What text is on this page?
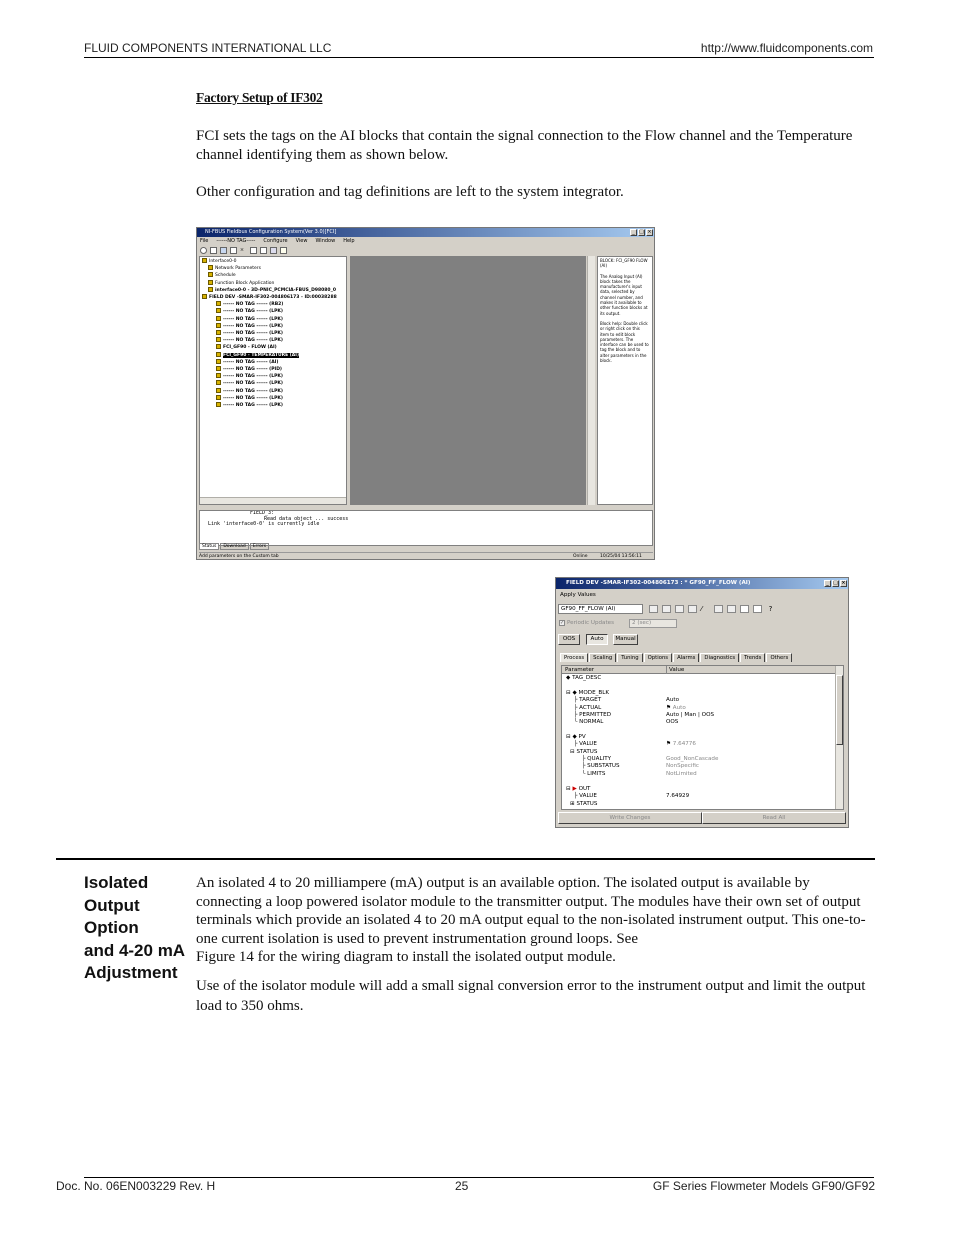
FLUID COMPONENTS INTERNATIONAL LLC	http://www.fluidcomponents.com
Factory Setup of IF302
FCI sets the tags on the AI blocks that contain the signal connection to the Flow channel and the Temperature channel identifying them as shown below.
Other configuration and tag definitions are left to the system integrator.
NI-FBUS Fieldbus Configuration System(Ver 3.0)[FCI]	_ □ ×
File ------NO TAG----- Configure View Window Help
×
Interface0-0
Network Parameters
Schedule
Function Block Application
interface0-0 - 3D-PNIC_PCMCIA-FBUS_D98080_0
FIELD DEV -SMAR-IF302-004806173 - ID:00038288
------ NO TAG ------ (RB2)
------ NO TAG ------ (LPK)
------ NO TAG ------ (LPK)
------ NO TAG ------ (LPK)
------ NO TAG ------ (LPK)
------ NO TAG ------ (LPK)
FCI_GF90 - FLOW (AI)
FCI_GF90 - TEMPERATURE (AI)
------ NO TAG ------ (AI)
------ NO TAG ------ (PID)
------ NO TAG ------ (LPK)
------ NO TAG ------ (LPK)
------ NO TAG ------ (LPK)
------ NO TAG ------ (LPK)
------ NO TAG ------ (LPK)
BLOCK: FCI_GF90 FLOW (AI)
The Analog Input (AI) block takes the manufacturer's input data, selected by channel number, and makes it available to other function blocks at its output.
Block help: Double click or right click on this item to edit block parameters. The interface can be used to tag the block and to alter parameters in the block.
FIELD_3:
Read data object ... success
Link 'interface0-0' is currently idle
Status	Download	Errors
Add parameters on the Custom tab	Online	10/25/04 13:56:11
FIELD DEV -SMAR-IF302-004806173 : * GF90_FF_FLOW (AI)	_ □ ×
Apply Values
GF90_FF_FLOW (AI)	⁄	?
✓ Periodic Updates	2 (sec)
OOS	Auto	Manual
Process Scaling Tuning Options Alarms Diagnostics Trends Others
Parameter	Value
◆ TAG_DESC
⊟ ◆ MODE_BLK
├ TARGET	Auto
├ ACTUAL	⚑ Auto
├ PERMITTED	Auto | Man | OOS
└ NORMAL	OOS
⊟ ◆ PV
├ VALUE	⚑ 7.64776
⊟ STATUS
├ QUALITY	Good_NonCascade
├ SUBSTATUS	NonSpecific
└ LIMITS	NotLimited
⊟ ▶ OUT
├ VALUE	7.64929
⊞ STATUS
Write Changes	Read All
Isolated
Output
Option
and 4-20 mA
Adjustment
An isolated 4 to 20 milliampere (mA) output is an available option. The isolated output is available by connecting a loop powered isolator module to the transmitter output. The modules have their own set of output terminals which provide an isolated 4 to 20 mA output equal to the non-isolated instrument output. This one-to-one current isolation is used to prevent instrumentation ground loops. See
Figure 14 for the wiring diagram to install the isolated output module.
Use of the isolator module will add a small signal conversion error to the instrument output and limit the output load to 350 ohms.
Doc. No. 06EN003229 Rev. H	25	GF Series Flowmeter Models GF90/GF92
